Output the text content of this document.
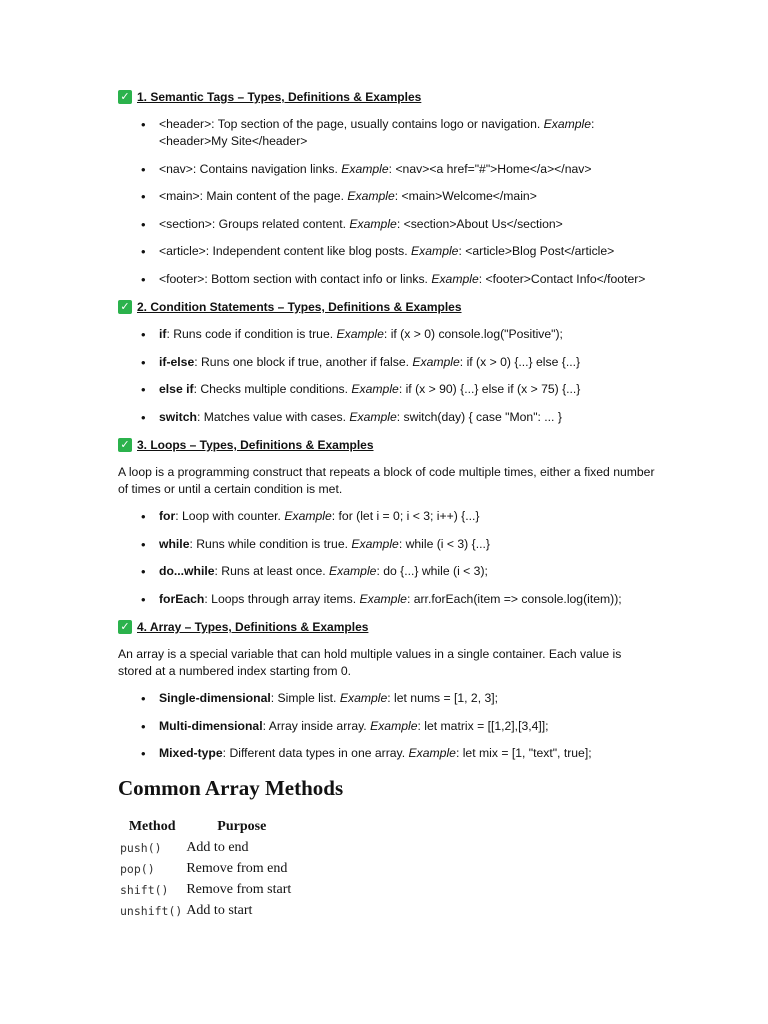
✓ 1. Semantic Tags – Types, Definitions & Examples
• <header>: Top section of the page, usually contains logo or navigation. Example: <header>My Site</header>
• <nav>: Contains navigation links. Example: <nav><a href="#">Home</a></nav>
• <main>: Main content of the page. Example: <main>Welcome</main>
• <section>: Groups related content. Example: <section>About Us</section>
• <article>: Independent content like blog posts. Example: <article>Blog Post</article>
• <footer>: Bottom section with contact info or links. Example: <footer>Contact Info</footer>
✓ 2. Condition Statements – Types, Definitions & Examples
• if: Runs code if condition is true. Example: if (x > 0) console.log("Positive");
• if-else: Runs one block if true, another if false. Example: if (x > 0) {...} else {...}
• else if: Checks multiple conditions. Example: if (x > 90) {...} else if (x > 75) {...}
• switch: Matches value with cases. Example: switch(day) { case "Mon": ... }
✓ 3. Loops – Types, Definitions & Examples

A loop is a programming construct that repeats a block of code multiple times, either a fixed number of times or until a certain condition is met.

• for: Loop with counter. Example: for (let i = 0; i < 3; i++) {...}
• while: Runs while condition is true. Example: while (i < 3) {...}
• do...while: Runs at least once. Example: do {...} while (i < 3);
• forEach: Loops through array items. Example: arr.forEach(item => console.log(item));
✓ 4. Array – Types, Definitions & Examples

An array is a special variable that can hold multiple values in a single container. Each value is stored at a numbered index starting from 0.

• Single-dimensional: Simple list. Example: let nums = [1, 2, 3];
• Multi-dimensional: Array inside array. Example: let matrix = [[1,2],[3,4]];
• Mixed-type: Different data types in one array. Example: let mix = [1, "text", true];
Common Array Methods
Method	Purpose
push()	Add to end
pop()	Remove from end
shift()	Remove from start
unshift()	Add to start
